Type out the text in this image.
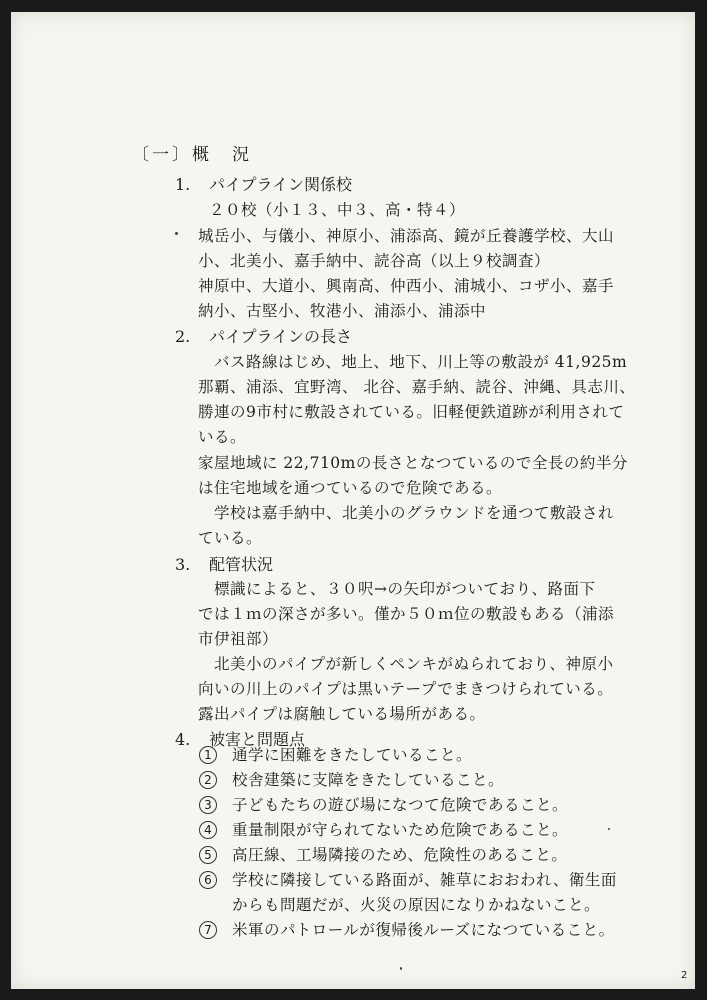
〔一〕概　況
1. パイプライン関係校
２０校（小１３、中３、高・特４）
城岳小、与儀小、神原小、浦添高、鏡が丘養護学校、大山
小、北美小、嘉手納中、読谷高（以上９校調査）
神原中、大道小、興南高、仲西小、浦城小、コザ小、嘉手
納小、古堅小、牧港小、浦添小、浦添中
2. パイプラインの長さ
バス路線はじめ、地上、地下、川上等の敷設が 41,925m
那覇、浦添、宜野湾、 北谷、嘉手納、読谷、沖縄、具志川、
勝連の9市村に敷設されている。旧軽便鉄道跡が利用されて
いる。
家屋地域に 22,710mの長さとなつているので全長の約半分
は住宅地域を通つているので危険である。
学校は嘉手納中、北美小のグラウンドを通つて敷設され
ている。
3. 配管状況
標識によると、３０呎→の矢印がついており、路面下
では１ｍの深さが多い。僅か５０ｍ位の敷設もある（浦添
市伊祖部）
北美小のパイプが新しくペンキがぬられており、神原小
向いの川上のパイプは黒いテープでまきつけられている。
露出パイプは腐触している場所がある。
4. 被害と問題点
1	通学に困難をきたしていること。
2	校舎建築に支障をきたしていること。
3	子どもたちの遊び場になつて危険であること。
4	重量制限が守られてないため危険であること。
5	高圧線、工場隣接のため、危険性のあること。
6	学校に隣接している路面が、雑草におおわれ、衛生面
からも問題だが、火災の原因になりかねないこと。
7	米軍のパトロールが復帰後ルーズになつていること。
2
